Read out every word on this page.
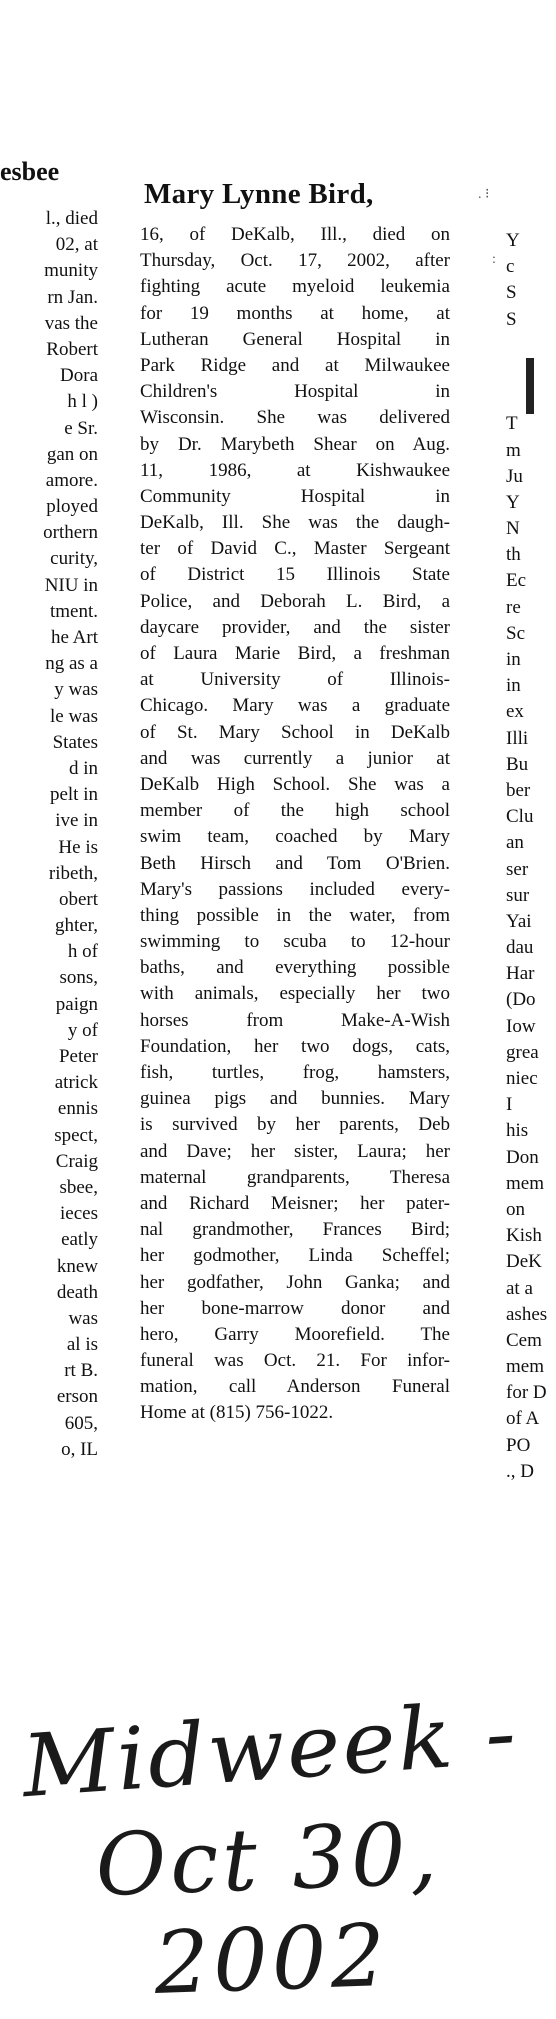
esbee
l., died
02, at
munity
rn Jan.
vas the
Robert
Dora
h l )
e Sr.
gan on
amore.
ployed
orthern
curity,
NIU in
tment.
he Art
ng as a
y was
le was
States
d in
pelt in
ive in
He is
ribeth,
obert
ghter,
h of
sons,
paign
y of
Peter
atrick
ennis
spect,
Craig
sbee,
ieces
eatly
knew
death
was
al is
rt B.
erson
605,
o, IL
Mary Lynne Bird,
16, of DeKalb, Ill., died on
Thursday, Oct. 17, 2002, after
fighting acute myeloid leukemia
for 19 months at home, at
Lutheran General Hospital in
Park Ridge and at Milwaukee
Children's Hospital in
Wisconsin. She was delivered
by Dr. Marybeth Shear on Aug.
11, 1986, at Kishwaukee
Community Hospital in
DeKalb, Ill. She was the daugh-
ter of David C., Master Sergeant
of District 15 Illinois State
Police, and Deborah L. Bird, a
daycare provider, and the sister
of Laura Marie Bird, a freshman
at University of Illinois-
Chicago. Mary was a graduate
of St. Mary School in DeKalb
and was currently a junior at
DeKalb High School. She was a
member of the high school
swim team, coached by Mary
Beth Hirsch and Tom O'Brien.
Mary's passions included every-
thing possible in the water, from
swimming to scuba to 12-hour
baths, and everything possible
with animals, especially her two
horses from Make-A-Wish
Foundation, her two dogs, cats,
fish, turtles, frog, hamsters,
guinea pigs and bunnies. Mary
is survived by her parents, Deb
and Dave; her sister, Laura; her
maternal grandparents, Theresa
and Richard Meisner; her pater-
nal grandmother, Frances Bird;
her godmother, Linda Scheffel;
her godfather, John Ganka; and
her bone-marrow donor and
hero, Garry Moorefield. The
funeral was Oct. 21. For infor-
mation, call Anderson Funeral
Home at (815) 756-1022.
Y
c
S
S
T
m
Ju
Y
N
th
Ec
re
Sc
in
in
ex
Illi
Bu
ber
Clu
an
ser
sur
Yai
dau
Har
(Do
Iow
grea
niec
I
his
Don
mem
on
Kish
DeK
at a
ashes
Cem
mem
for D
of A
PO
., D
Midweek -
Oct 30, 2002
. ⁝
:
